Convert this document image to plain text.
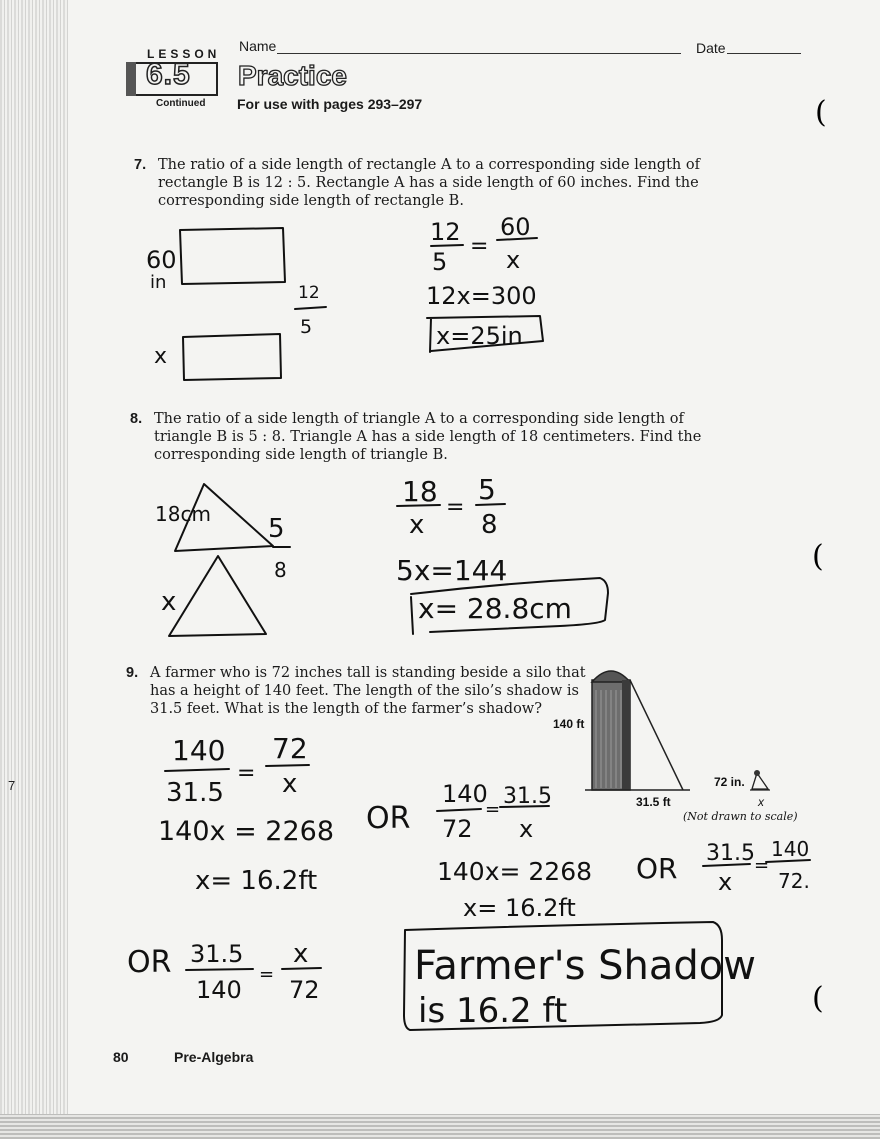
LESSON
6.5
Continued
Name	Date
Practice
For use with pages 293–297
7. The ratio of a side length of rectangle A to a corresponding side length of
rectangle B is 12 : 5. Rectangle A has a side length of 60 inches. Find the
corresponding side length of rectangle B.
8. The ratio of a side length of triangle A to a corresponding side length of
triangle B is 5 : 8. Triangle A has a side length of 18 centimeters. Find the
corresponding side length of triangle B.
9. A farmer who is 72 inches tall is standing beside a silo that
has a height of 140 feet. The length of the silo’s shadow is
31.5 feet. What is the length of the farmer’s shadow?
60
in
x
12
5
12
5
=
60
x
12x=300
x=25in
18cm
x
5
8
18
x
=
5
8
5x=144
x= 28.8cm
140
31.5
=
72
x
140x = 2268
x= 16.2ft
OR
140
72
=
31.5
x
140x= 2268
x= 16.2ft
OR 31.5
x
=
140
72.
OR 31.5
140
=
x
72
Farmer's Shadow
is 16.2 ft
140 ft
31.5 ft
72 in.
x
(Not drawn to scale)
(
(
(
7
80	Pre-Algebra
